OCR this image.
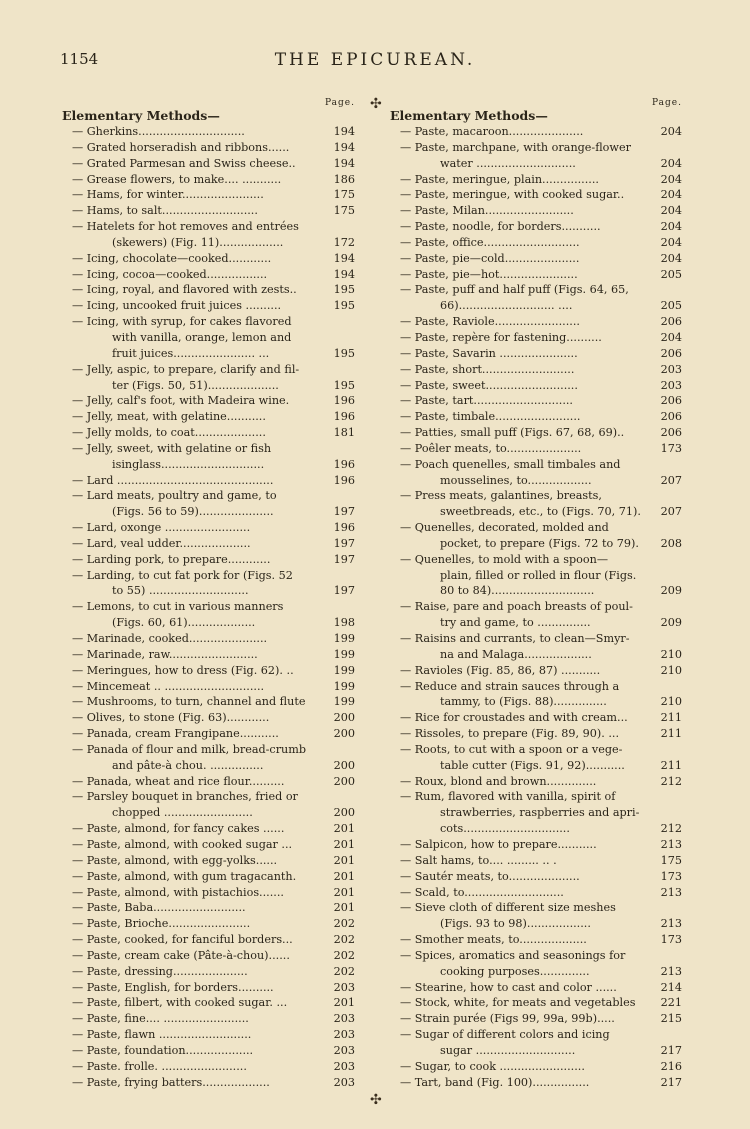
1154	THE EPICUREAN.
Elementary Methods—
Page.
— Gherkins..............................	194
— Grated horseradish and ribbons......	194
— Grated Parmesan and Swiss cheese..	194
— Grease flowers, to make.... ...........	186
— Hams, for winter.......................	175
— Hams, to salt...........................	175
— Hatelets for hot removes and entrées
(skewers) (Fig. 11)..................	172
— Icing, chocolate—cooked............	194
— Icing, cocoa—cooked.................	194
— Icing, royal, and flavored with zests..	195
— Icing, uncooked fruit juices ..........	195
— Icing, with syrup, for cakes flavored
with vanilla, orange, lemon and
fruit juices....................... ...	195
— Jelly, aspic, to prepare, clarify and fil-
ter (Figs. 50, 51)....................	195
— Jelly, calf's foot, with Madeira wine.	196
— Jelly, meat, with gelatine...........	196
— Jelly molds, to coat....................	181
— Jelly, sweet, with gelatine or fish
isinglass.............................	196
— Lard ............................................	196
— Lard meats, poultry and game, to
(Figs. 56 to 59).....................	197
— Lard, oxonge ........................	196
— Lard, veal udder....................	197
— Larding pork, to prepare............	197
— Larding, to cut fat pork for (Figs. 52
to 55) ............................	197
— Lemons, to cut in various manners
(Figs. 60, 61)...................	198
— Marinade, cooked......................	199
— Marinade, raw.........................	199
— Meringues, how to dress (Fig. 62). ..	199
— Mincemeat .. ............................	199
— Mushrooms, to turn, channel and flute	199
— Olives, to stone (Fig. 63)............	200
— Panada, cream Frangipane...........	200
— Panada of flour and milk, bread-crumb
and pâte-à chou. ...............	200
— Panada, wheat and rice flour..........	200
— Parsley bouquet in branches, fried or
chopped .........................	200
— Paste, almond, for fancy cakes ......	201
— Paste, almond, with cooked sugar ...	201
— Paste, almond, with egg-yolks......	201
— Paste, almond, with gum tragacanth.	201
— Paste, almond, with pistachios.......	201
— Paste, Baba..........................	201
— Paste, Brioche.......................	202
— Paste, cooked, for fanciful borders...	202
— Paste, cream cake (Pâte-à-chou)......	202
— Paste, dressing.....................	202
— Paste, English, for borders..........	203
— Paste, filbert, with cooked sugar. ...	201
— Paste, fine.... ........................	203
— Paste, flawn ..........................	203
— Paste, foundation...................	203
— Paste. frolle. ........................	203
— Paste, frying batters...................	203
✣
✣
Elementary Methods—
Page.
— Paste, macaroon.....................	204
— Paste, marchpane, with orange-flower
water ............................	204
— Paste, meringue, plain................	204
— Paste, meringue, with cooked sugar..	204
— Paste, Milan.........................	204
— Paste, noodle, for borders...........	204
— Paste, office...........................	204
— Paste, pie—cold.....................	204
— Paste, pie—hot......................	205
— Paste, puff and half puff (Figs. 64, 65,
66)........................... ....	205
— Paste, Raviole........................	206
— Paste, repère for fastening..........	204
— Paste, Savarin ......................	206
— Paste, short..........................	203
— Paste, sweet..........................	203
— Paste, tart............................	206
— Paste, timbale........................	206
— Patties, small puff (Figs. 67, 68, 69)..	206
— Poêler meats, to.....................	173
— Poach quenelles, small timbales and
mousselines, to..................	207
— Press meats, galantines, breasts,
sweetbreads, etc., to (Figs. 70, 71).	207
— Quenelles, decorated, molded and
pocket, to prepare (Figs. 72 to 79).	208
— Quenelles, to mold with a spoon—
plain, filled or rolled in flour (Figs.
80 to 84).............................	209
— Raise, pare and poach breasts of poul-
try and game, to ...............	209
— Raisins and currants, to clean—Smyr-
na and Malaga...................	210
— Ravioles (Fig. 85, 86, 87) ...........	210
— Reduce and strain sauces through a
tammy, to (Figs. 88)...............	210
— Rice for croustades and with cream...	211
— Rissoles, to prepare (Fig. 89, 90). ...	211
— Roots, to cut with a spoon or a vege-
table cutter (Figs. 91, 92)...........	211
— Roux, blond and brown..............	212
— Rum, flavored with vanilla, spirit of
strawberries, raspberries and apri-
cots..............................	212
— Salpicon, how to prepare...........	213
— Salt hams, to.... ......... .. .	175
— Sautér meats, to....................	173
— Scald, to............................	213
— Sieve cloth of different size meshes
(Figs. 93 to 98)..................	213
— Smother meats, to...................	173
— Spices, aromatics and seasonings for
cooking purposes..............	213
— Stearine, how to cast and color ......	214
— Stock, white, for meats and vegetables	221
— Strain purée (Figs 99, 99a, 99b).....	215
— Sugar of different colors and icing
sugar ............................	217
— Sugar, to cook ........................	216
— Tart, band (Fig. 100)................	217
